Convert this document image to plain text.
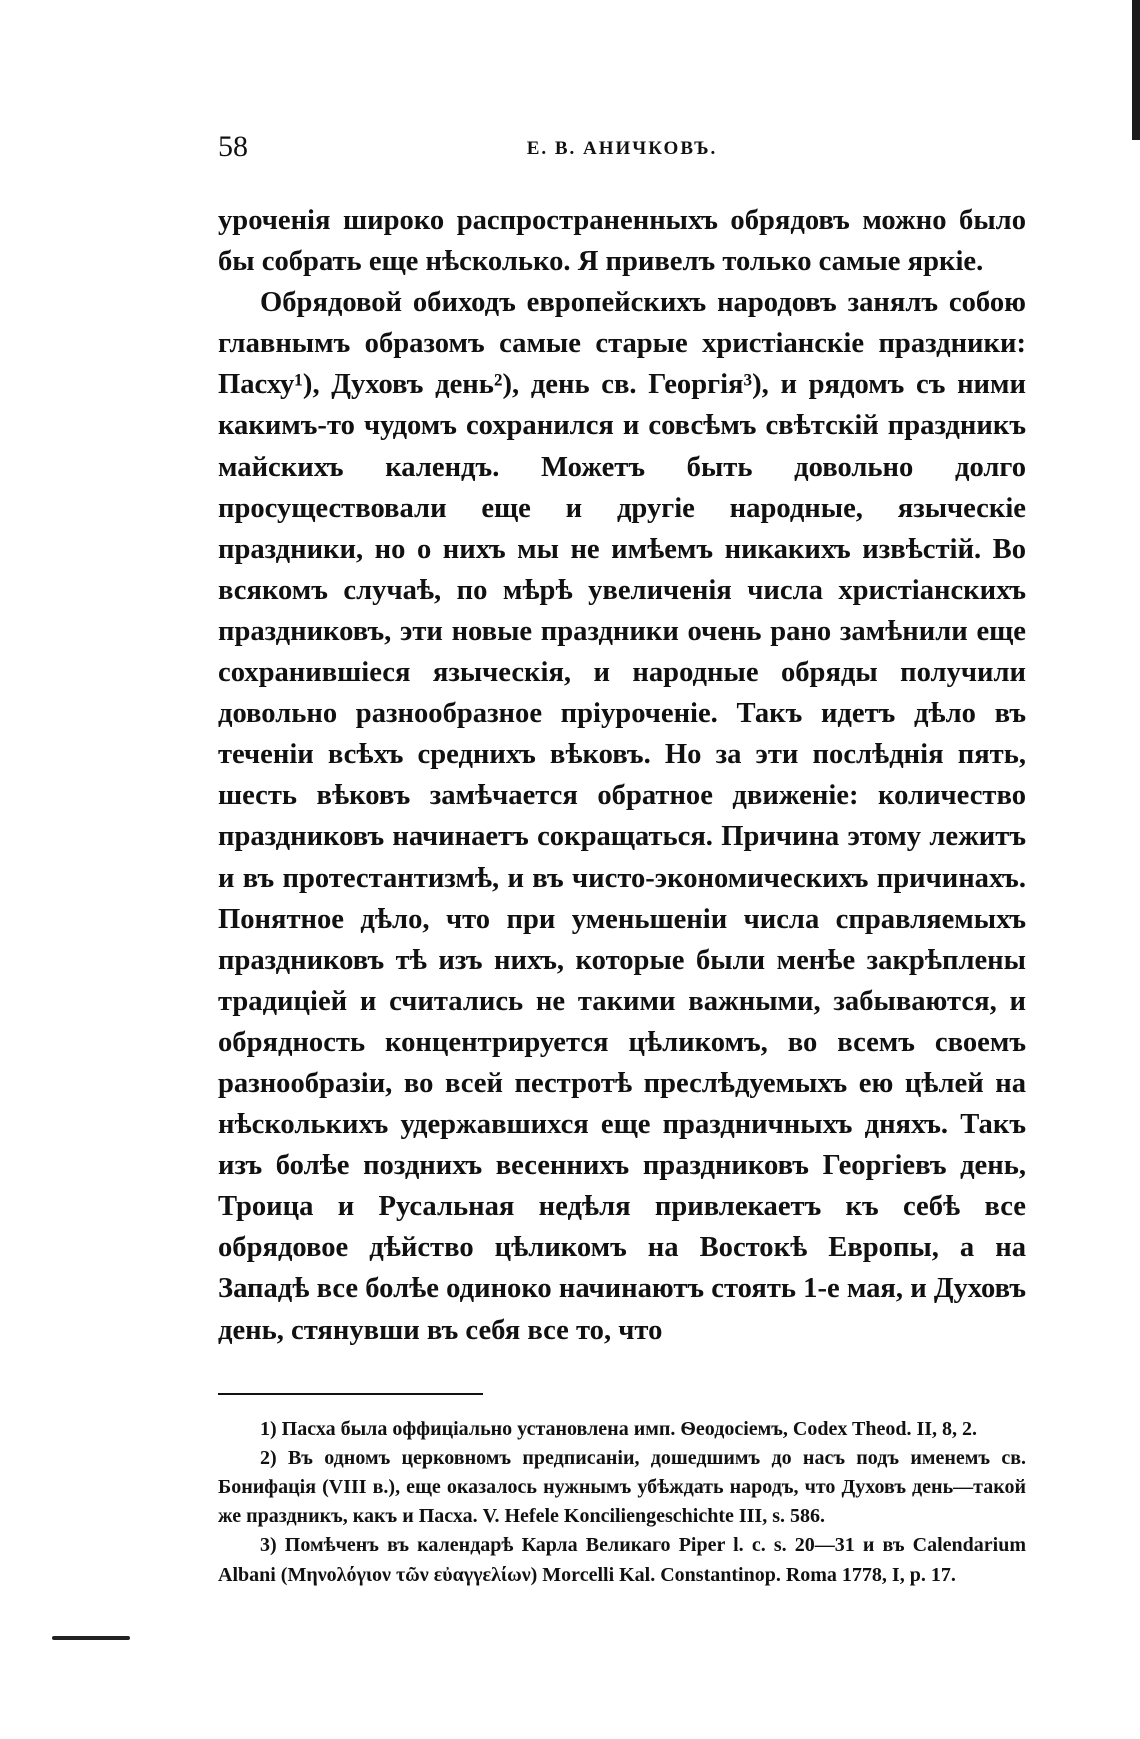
58	Е. В. АНИЧКОВЪ.

уроченія широко распространенныхъ обрядовъ можно было бы собрать еще нѣсколько. Я привелъ только самые яркіе.

Обрядовой обиходъ европейскихъ народовъ занялъ собою главнымъ образомъ самые старые христіанскіе праздники: Пасху¹), Духовъ день²), день св. Георгія³), и рядомъ съ ними какимъ-то чудомъ сохранился и совсѣмъ свѣтскій праздникъ майскихъ календъ. Можетъ быть довольно долго просуществовали еще и другіе народные, языческіе праздники, но о нихъ мы не имѣемъ никакихъ извѣстій. Во всякомъ случаѣ, по мѣрѣ увеличенія числа христіанскихъ праздниковъ, эти новые праздники очень рано замѣнили еще сохранившіеся языческія, и народные обряды получили довольно разнообразное пріуроченіе. Такъ идетъ дѣло въ теченіи всѣхъ среднихъ вѣковъ. Но за эти послѣднія пять, шесть вѣковъ замѣчается обратное движеніе: количество праздниковъ начинаетъ сокращаться. Причина этому лежитъ и въ протестантизмѣ, и въ чисто-экономическихъ причинахъ. Понятное дѣло, что при уменьшеніи числа справляемыхъ праздниковъ тѣ изъ нихъ, которые были менѣе закрѣплены традиціей и считались не такими важными, забываются, и обрядность концентрируется цѣликомъ, во всемъ своемъ разнообразіи, во всей пестротѣ преслѣдуемыхъ ею цѣлей на нѣсколькихъ удержавшихся еще праздничныхъ дняхъ. Такъ изъ болѣе позднихъ весеннихъ праздниковъ Георгіевъ день, Троица и Русальная недѣля привлекаетъ къ себѣ все обрядовое дѣйство цѣликомъ на Востокѣ Европы, а на Западѣ все болѣе одиноко начинаютъ стоять 1-е мая, и Духовъ день, стянувши въ себя все то, что

1) Пасха была оффиціально установлена имп. Ѳеодосіемъ, Codex Theod. II, 8, 2.

2) Въ одномъ церковномъ предписаніи, дошедшимъ до насъ подъ именемъ св. Бонифація (VIII в.), еще оказалось нужнымъ убѣждать народъ, что Духовъ день—такой же праздникъ, какъ и Пасха. V. Hefele Konciliengeschichte III, s. 586.

3) Помѣченъ въ календарѣ Карла Великаго Piper l. c. s. 20—31 и въ Calendarium Albani (Μηνολόγιον τῶν εὐαγγελίων) Morcelli Kal. Constantinop. Roma 1778, I, p. 17.
